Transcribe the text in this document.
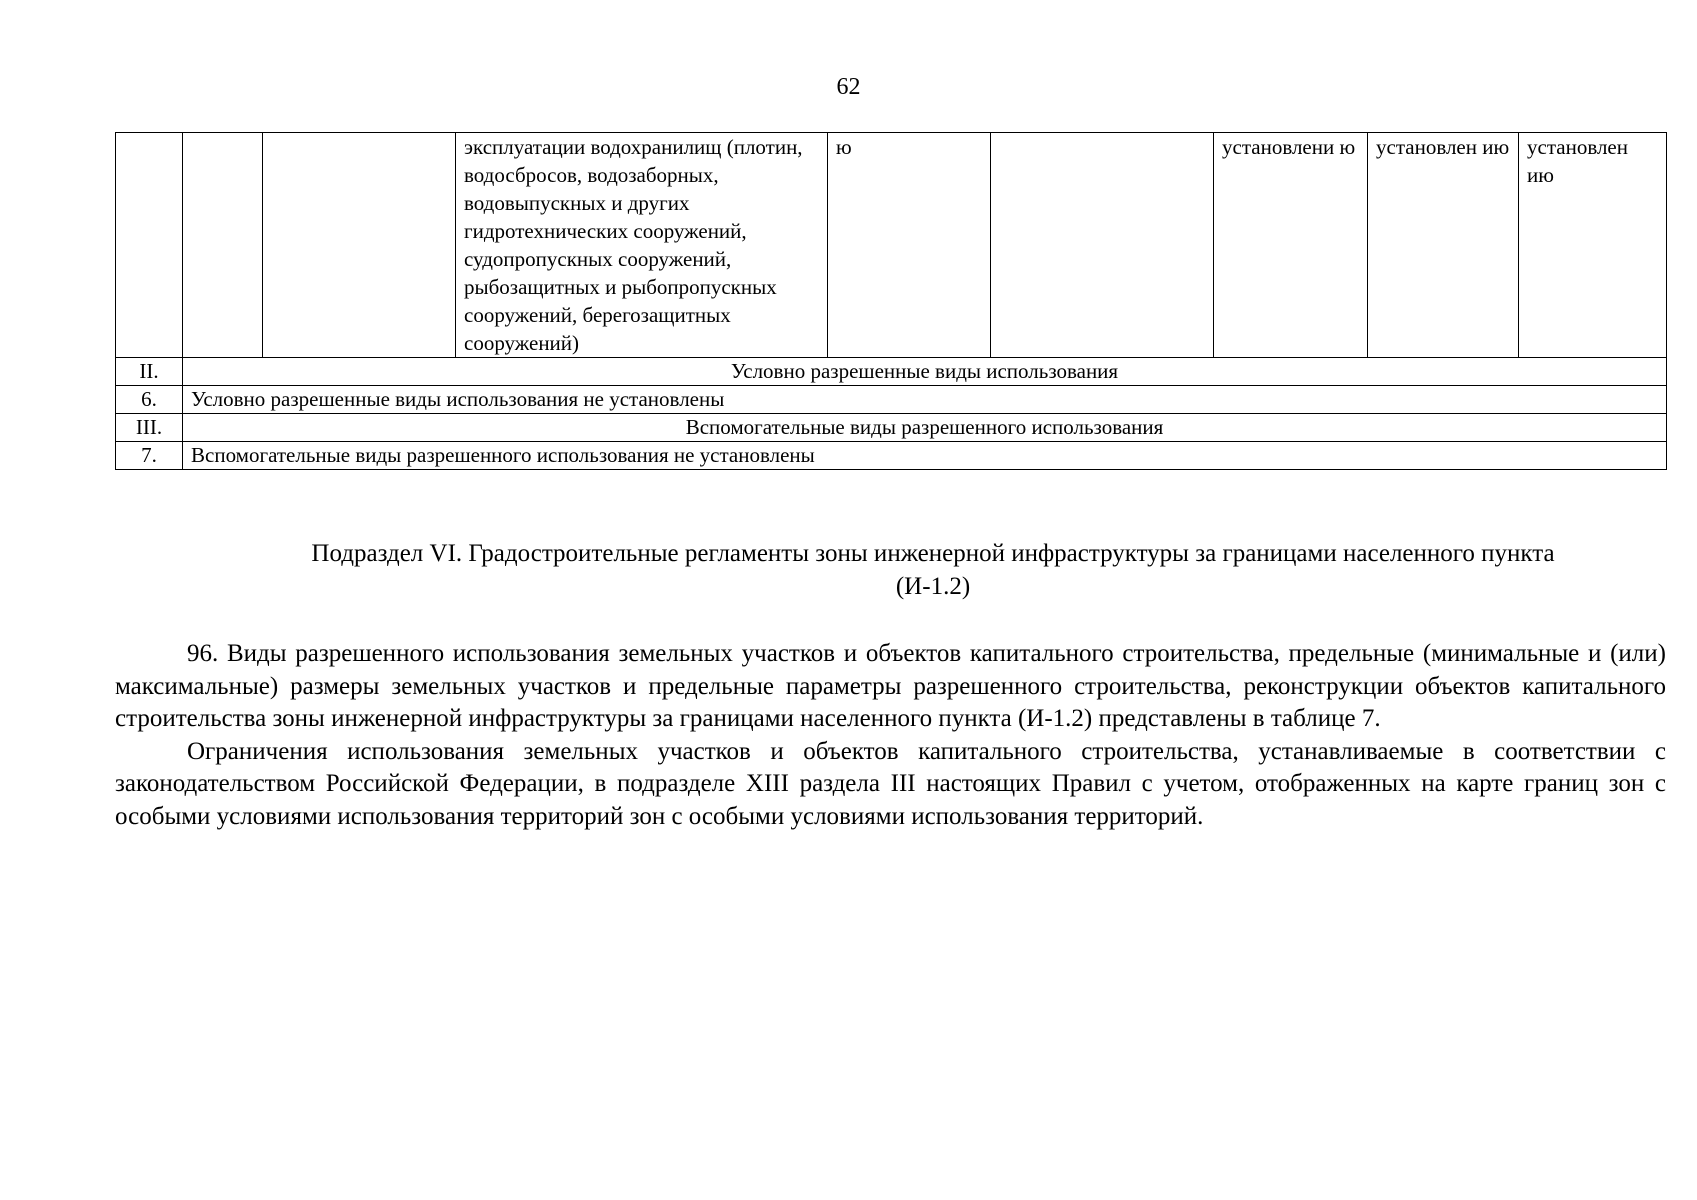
62
			эксплуатации водохранилищ (плотин, водосбросов, водозаборных, водовыпускных и других гидротехнических сооружений, судопропускных сооружений, рыбозащитных и рыбопропускных сооружений, берегозащитных сооружений)	ю		установлени ю	установлен ию	установлен ию
II.	Условно разрешенные виды использования							
6.	Условно разрешенные виды использования не установлены							
III.	Вспомогательные виды разрешенного использования							
7.	Вспомогательные виды разрешенного использования не установлены							
Подраздел VI. Градостроительные регламенты зоны инженерной инфраструктуры за границами населенного пункта
(И-1.2)

96. Виды разрешенного использования земельных участков и объектов капитального строительства, предельные (минимальные и (или) максимальные) размеры земельных участков и предельные параметры разрешенного строительства, реконструкции объектов капитального строительства зоны инженерной инфраструктуры за границами населенного пункта (И-1.2) представлены в таблице 7.

Ограничения использования земельных участков и объектов капитального строительства, устанавливаемые в соответствии с законодательством Российской Федерации, в подразделе XIII раздела III настоящих Правил с учетом, отображенных на карте границ зон с особыми условиями использования территорий зон с особыми условиями использования территорий.
